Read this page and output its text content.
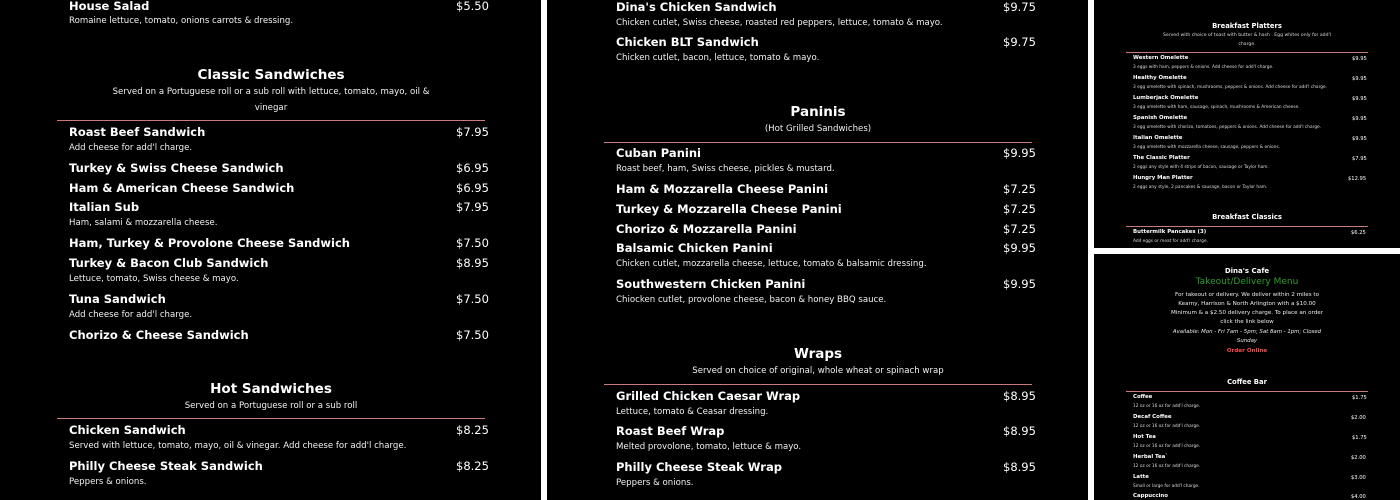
House Salad	$5.50
Romaine lettuce, tomato, onions carrots & dressing.
Classic Sandwiches
Served on a Portuguese roll or a sub roll with lettuce, tomato, mayo, oil &
vinegar
Roast Beef Sandwich	$7.95
Add cheese for add'l charge.
Turkey & Swiss Cheese Sandwich	$6.95
Ham & American Cheese Sandwich	$6.95
Italian Sub	$7.95
Ham, salami & mozzarella cheese.
Ham, Turkey & Provolone Cheese Sandwich	$7.50
Turkey & Bacon Club Sandwich	$8.95
Lettuce, tomato, Swiss cheese & mayo.
Tuna Sandwich	$7.50
Add cheese for add'l charge.
Chorizo & Cheese Sandwich	$7.50
Hot Sandwiches
Served on a Portuguese roll or a sub roll
Chicken Sandwich	$8.25
Served with lettuce, tomato, mayo, oil & vinegar. Add cheese for add'l charge.
Philly Cheese Steak Sandwich	$8.25
Peppers & onions.
Dina's Chicken Sandwich	$9.75
Chicken cutlet, Swiss cheese, roasted red peppers, lettuce, tomato & mayo.
Chicken BLT Sandwich	$9.75
Chicken cutlet, bacon, lettuce, tomato & mayo.
Paninis
(Hot Grilled Sandwiches)
Cuban Panini	$9.95
Roast beef, ham, Swiss cheese, pickles & mustard.
Ham & Mozzarella Cheese Panini	$7.25
Turkey & Mozzarella Cheese Panini	$7.25
Chorizo & Mozzarella Panini	$7.25
Balsamic Chicken Panini	$9.95
Chicken cutlet, mozzarella cheese, lettuce, tomato & balsamic dressing.
Southwestern Chicken Panini	$9.95
Chiocken cutlet, provolone cheese, bacon & honey BBQ sauce.
Wraps
Served on choice of original, whole wheat or spinach wrap
Grilled Chicken Caesar Wrap	$8.95
Lettuce, tomato & Ceasar dressing.
Roast Beef Wrap	$8.95
Melted provolone, tomato, lettuce & mayo.
Philly Cheese Steak Wrap	$8.95
Peppers & onions.
Breakfast Platters
Served with choice of toast with butter & hash . Egg whites only for add'l
charge.
Western Omelette	$9.95
3 eggs with ham, peppers & onions. Add cheese for add'l charge.
Healthy Omelette	$9.95
3 egg omelette with spinach, mushrooms, peppers & onions. Add cheese for add'l charge.
Lumberjack Omelette	$9.95
3 egg omelette with ham, sausage, spinach, mushrooms & American cheese.
Spanish Omelette	$9.95
3 egg omelette with chorizo, tomatoes, peppers & onions. Add cheese for add'l charge.
Italian Omelette	$9.95
3 egg omelette with mozzarella cheese, sausage, peppers & onions.
The Classic Platter	$7.95
2 eggs any style with 4 strips of bacon, sausage or Taylor ham.
Hungry Man Platter	$12.95
2 eggs any style, 2 pancakes & sausage, bacon or Taylor ham.
Breakfast Classics
Buttermilk Pancakes (3)	$6.25
Add eggs or meat for add'l charge.
Dina's Cafe
Takeout/Delivery Menu
For takeout or delivery. We deliver within 2 miles to
Kearny, Harrison & North Arlington with a $10.00
Minimum & a $2.50 delivery charge. To place an order
click the link below
Available: Mon - Fri 7am - 5pm; Sat 8am - 1pm; Closed
Sunday
Order Online
Coffee Bar
Coffee	$1.75
12 oz or 16 oz for add'l charge.
Decaf Coffee	$2.00
12 oz or 16 oz for add'l charge.
Hot Tea	$1.75
12 oz or 16 oz for add'l charge.
Herbal Tea`	$2.00
12 oz or 16 oz for add'l charge.
Latte	$3.00
Small or large for add'l charge.
Cappuccino	$4.00
